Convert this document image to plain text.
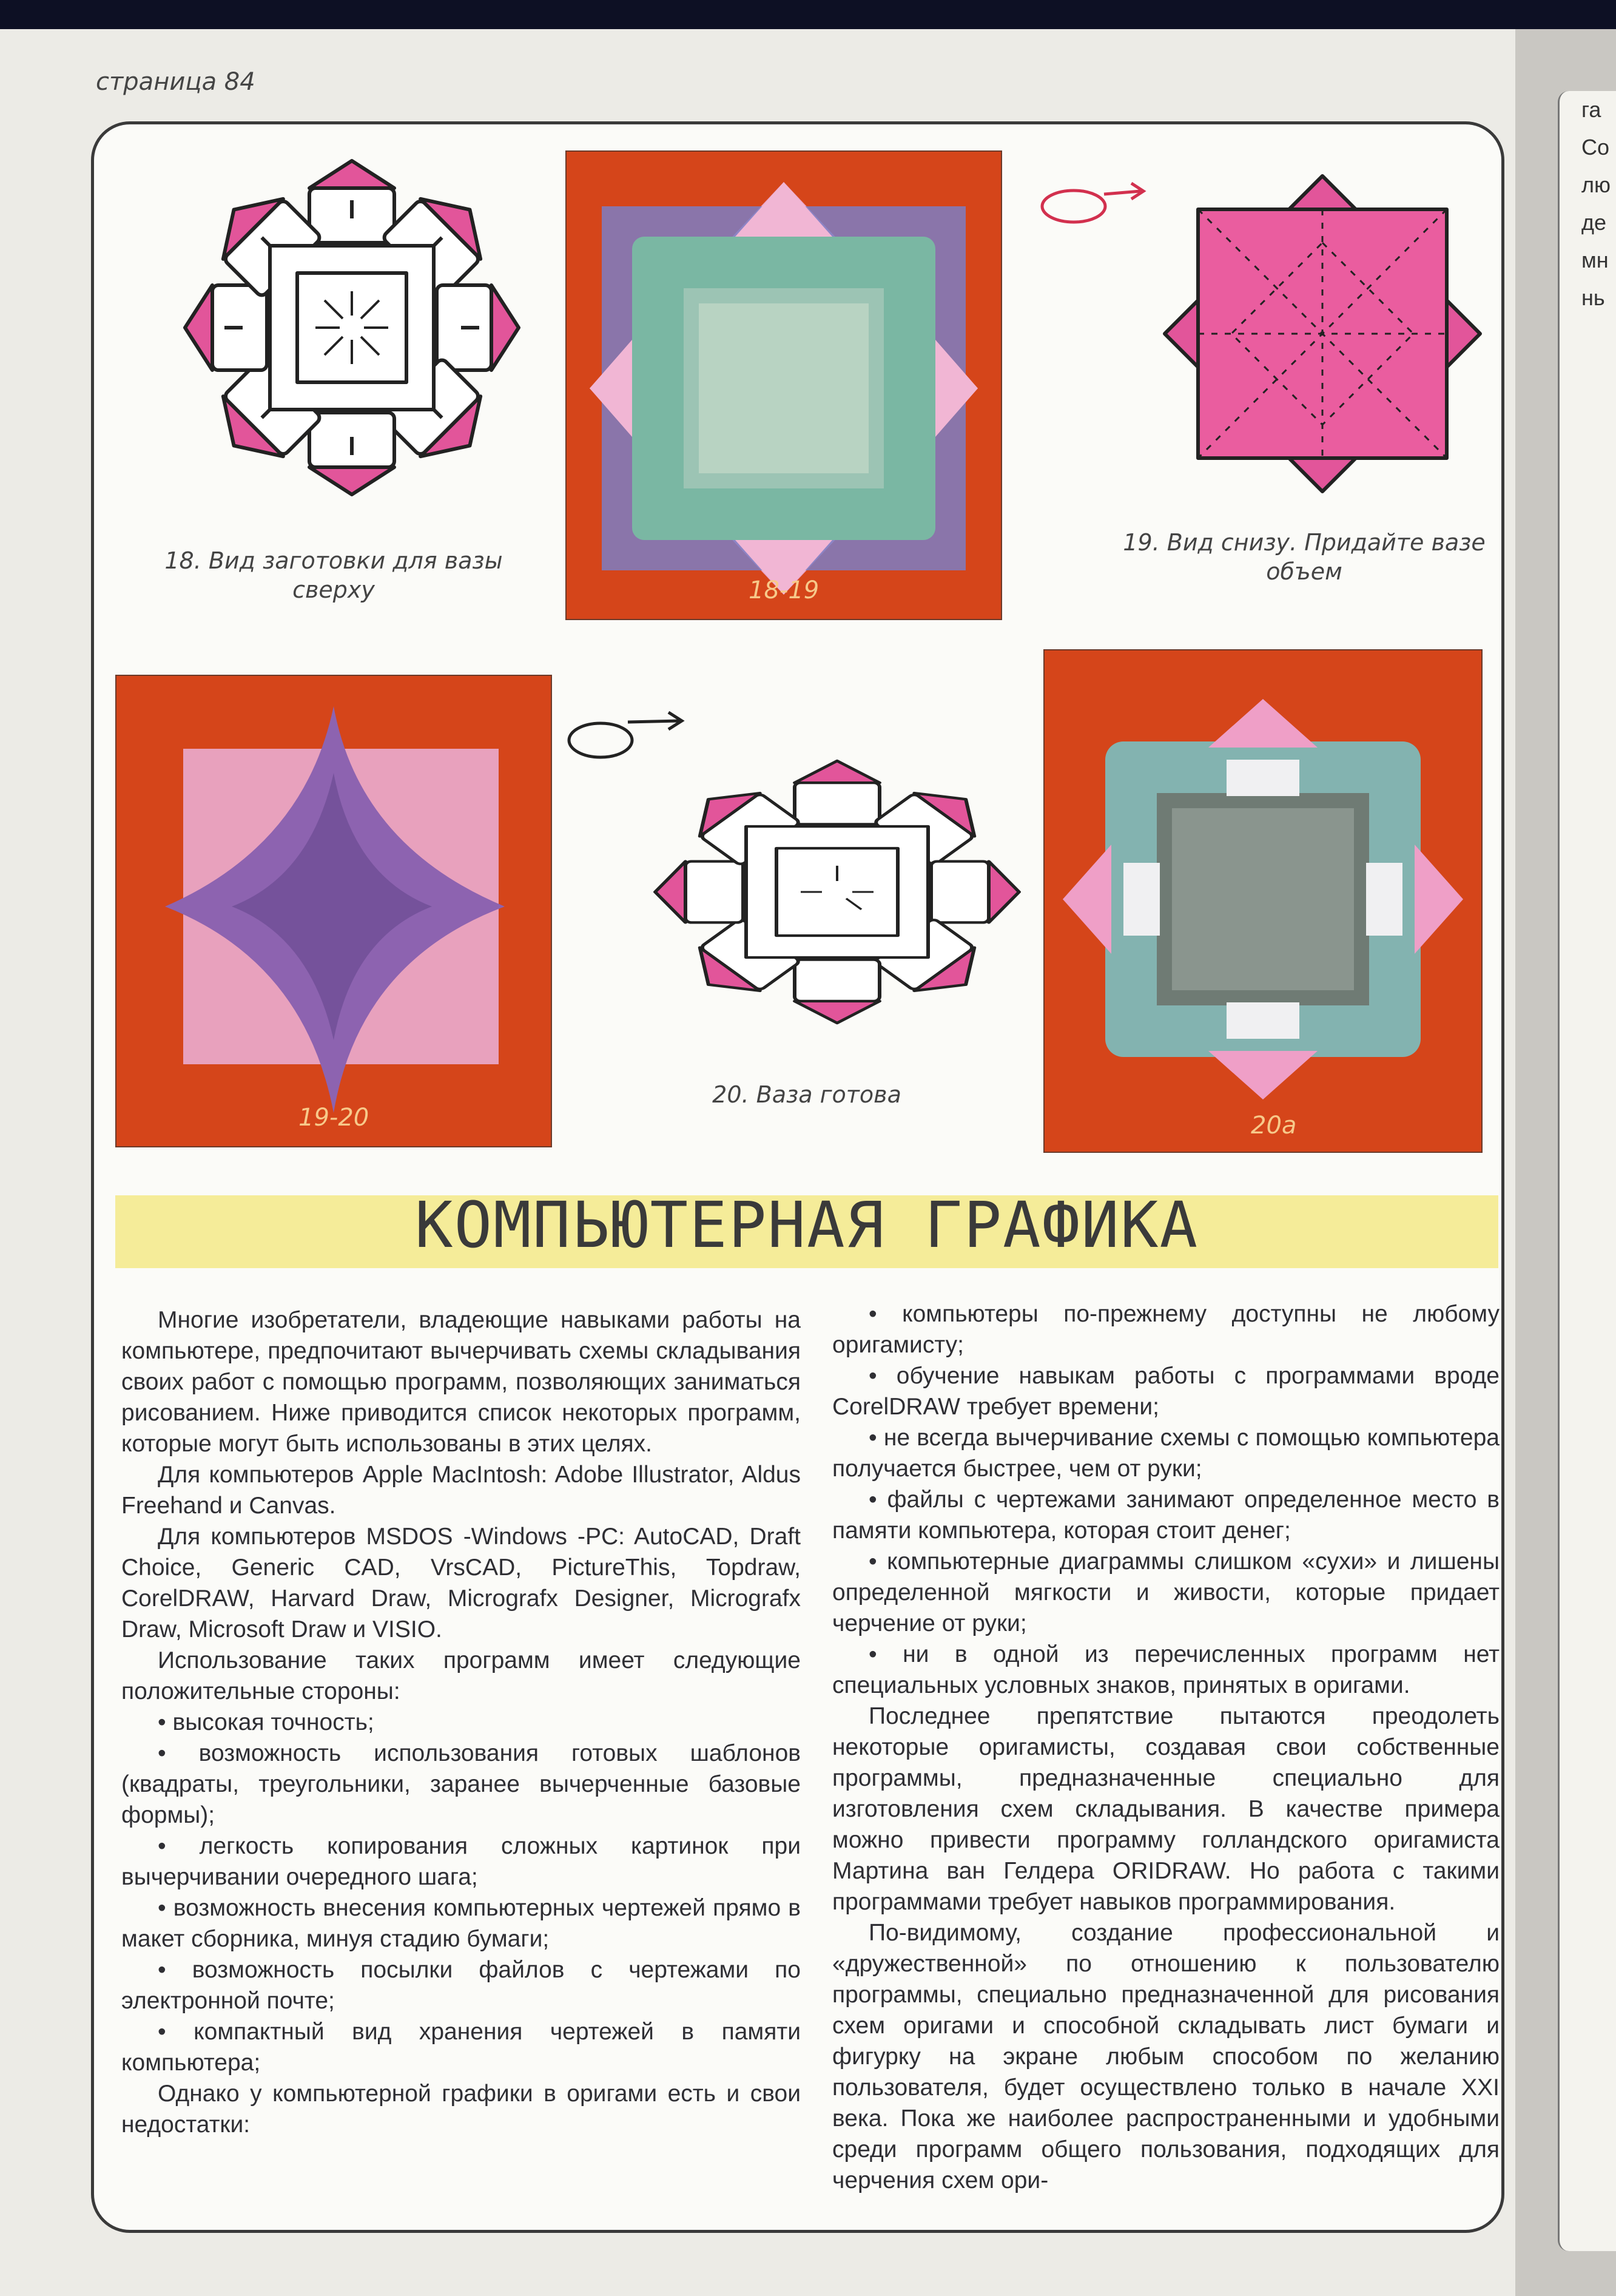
га
Co
лю
де
мн
нь
страница 84
18. Вид заготовки для вазы сверху	18-19
19. Вид снизу. Придайте вазе объем
19-20
20. Ваза готова
20a
КОМПЬЮТЕРНАЯ ГРАФИКА

Многие изобретатели, владеющие навыками работы на компьютере, предпочитают вычерчивать схемы складывания своих работ с помощью программ, позволяющих заниматься рисованием. Ниже приводится список некоторых программ, которые могут быть использованы в этих целях.

Для компьютеров Apple MacIntosh: Adobe Illustrator, Aldus Freehand и Canvas.

Для компьютеров MSDOS -Windows -PC: AutoCAD, Draft Choice, Generic CAD, VrsCAD, PictureThis, Topdraw, CorelDRAW, Harvard Draw, Micrografx Designer, Micrografx Draw, Microsoft Draw и VISIO.

Использование таких программ имеет следующие положительные стороны:

• высокая точность;

• возможность использования готовых шаблонов (квадраты, треугольники, заранее вычерченные базовые формы);

• легкость копирования сложных картинок при вычерчивании очередного шага;

• возможность внесения компьютерных чертежей прямо в макет сборника, минуя стадию бумаги;

• возможность посылки файлов с чертежами по электронной почте;

• компактный вид хранения чертежей в памяти компьютера;

Однако у компьютерной графики в оригами есть и свои недостатки:

• компьютеры по-прежнему доступны не любому оригамисту;

• обучение навыкам работы с программами вроде CorelDRAW требует времени;

• не всегда вычерчивание схемы с помощью компьютера получается быстрее, чем от руки;

• файлы с чертежами занимают определенное место в памяти компьютера, которая стоит денег;

• компьютерные диаграммы слишком «сухи» и лишены определенной мягкости и живости, которые придает черчение от руки;

• ни в одной из перечисленных программ нет специальных условных знаков, принятых в оригами.

Последнее препятствие пытаются преодолеть некоторые оригамисты, создавая свои собственные программы, предназначенные специально для изготовления схем складывания. В качестве примера можно привести программу голландского оригамиста Мартина ван Гелдера ORIDRAW. Но работа с такими программами требует навыков программирования.

По-видимому, создание профессиональной и «дружественной» по отношению к пользователю программы, специально предназначенной для рисования схем оригами и способной складывать лист бумаги и фигурку на экране любым способом по желанию пользователя, будет осуществлено только в начале XXI века. Пока же наиболее распространенными и удобными среди программ общего пользования, подходящих для черчения схем ори-
